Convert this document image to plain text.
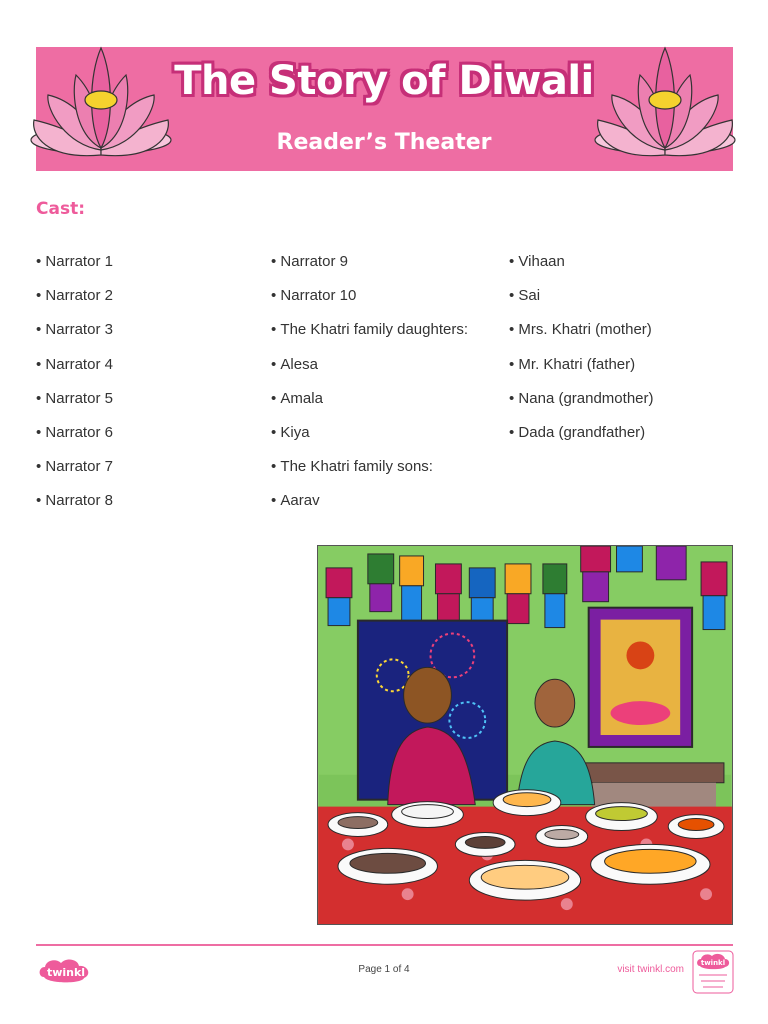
The Story of Diwali
Reader’s Theater
Cast:
• Narrator 1
• Narrator 2
• Narrator 3
• Narrator 4
• Narrator 5
• Narrator 6
• Narrator 7
• Narrator 8
• Narrator 9
• Narrator 10
• The Khatri family daughters:
• Alesa
• Amala
• Kiya
• The Khatri family sons:
• Aarav
• Vihaan
• Sai
• Mrs. Khatri (mother)
• Mr. Khatri (father)
• Nana (grandmother)
• Dada (grandfather)
twinkl	Page 1 of 4	visit twinkl.com
twinkl
